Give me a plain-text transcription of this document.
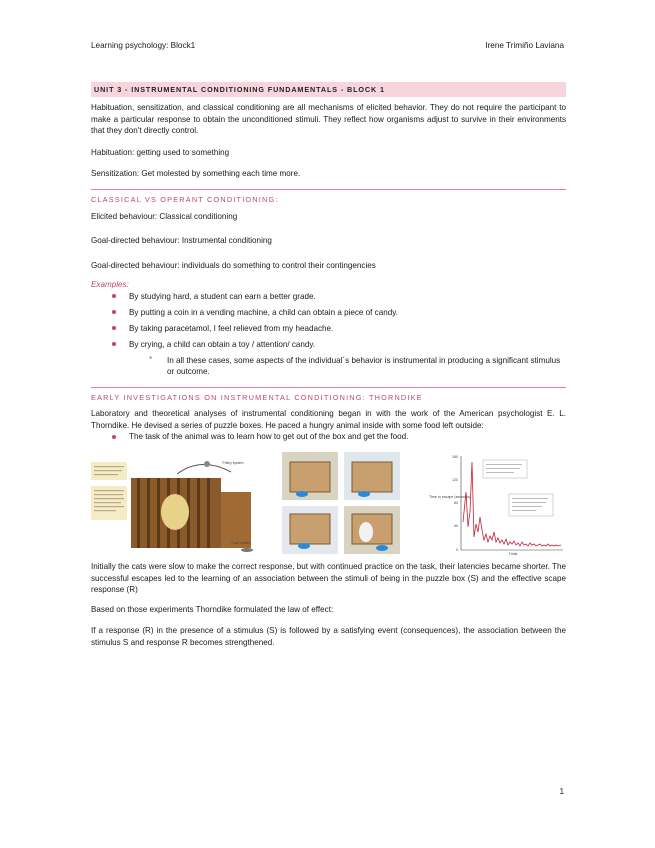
Learning psychology: Block1	Irene Trimiño Laviana
UNIT 3 - INSTRUMENTAL CONDITIONING FUNDAMENTALS - BLOCK 1

Habituation, sensitization, and classical conditioning are all mechanisms of elicited behavior. They do not require the participant to make a particular response to obtain the unconditioned stimuli. They reflect how organisms adjust to survive in their environments that they don't directly control.

Habituation: getting used to something

Sensitization: Get molested by something each time more.

CLASSICAL VS OPERANT CONDITIONING:

Elicited behaviour: Classical conditioning

Goal-directed behaviour: Instrumental conditioning

Goal-directed behaviour: individuals do something to control their contingencies

Examples:

By studying hard, a student can earn a better grade.
By putting a coin in a vending machine, a child can obtain a piece of candy.
By taking paracetamol, I feel relieved from my headache.
By crying, a child can obtain a toy / attention/ candy.
* In all these cases, some aspects of the individual´s behavior is instrumental in producing a significant stimulus or outcome.
EARLY INVESTIGATIONS ON INSTRUMENTAL CONDITIONING: THORNDIKE

Laboratory and theoretical analyses of instrumental conditioning began in with the work of the American psychologist E. L. Thorndike. He devised a series of puzzle boxes. He paced a hungry animal inside with some food left outside:

The task of the animal was to learn how to get out of the box and get the food.
Pulley system
Food reward
Time to escape (seconds)
160
120
80
40
0
Trials

Initially the cats were slow to make the correct response, but with continued practice on the task, their latencies became shorter. The successful escapes led to the learning of an association between the stimuli of being in the puzzle box (S) and the effective scape response (R)

Based on those experiments Thorndike formulated the law of effect:

If a response (R) in the presence of a stimulus (S) is followed by a satisfying event (consequences), the association between the stimulus S and response R becomes strengthened.

1
